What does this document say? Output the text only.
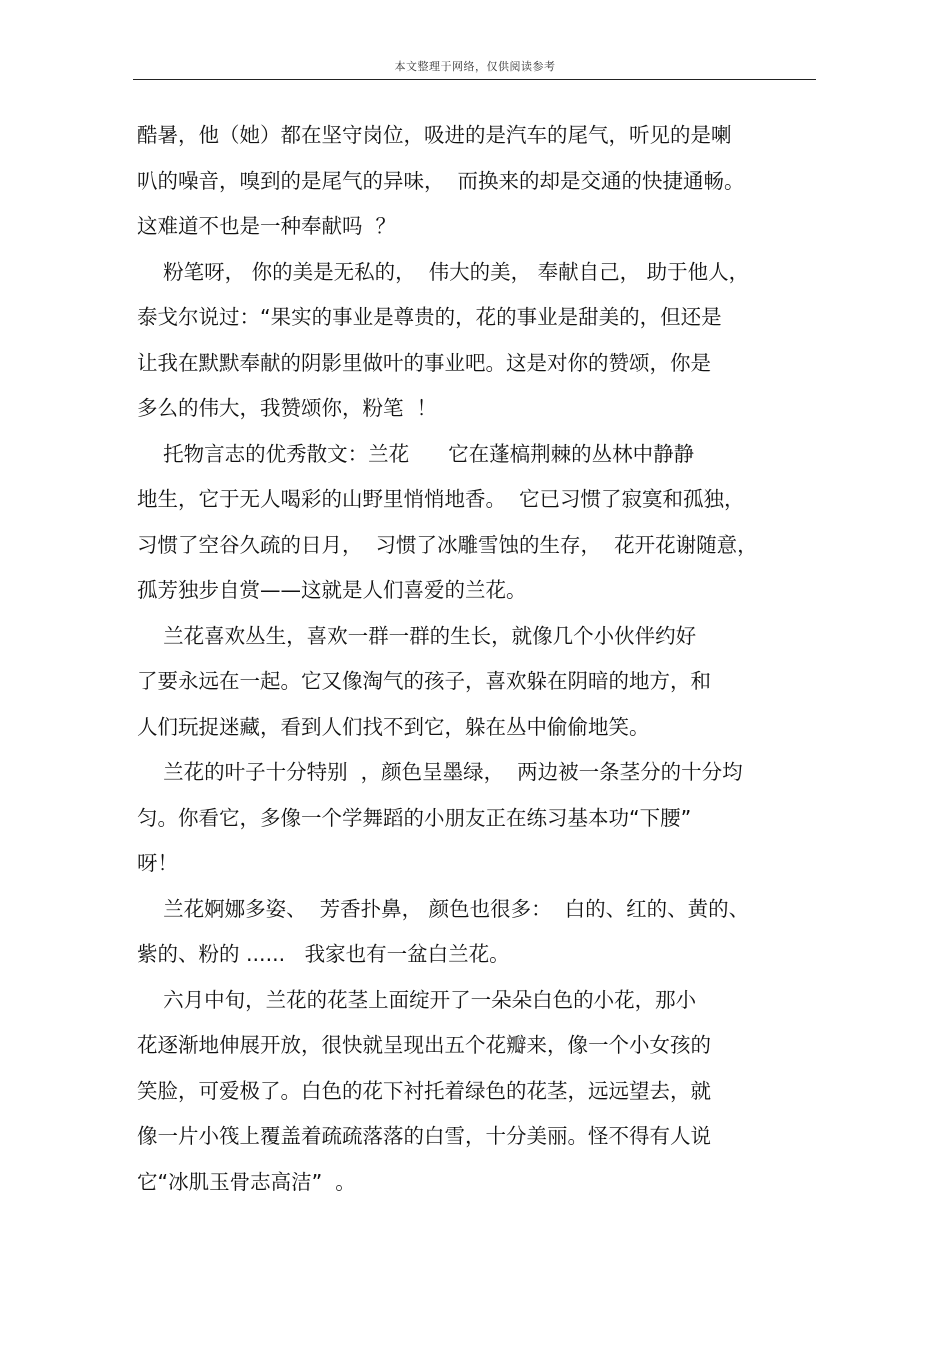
本文整理于网络，仅供阅读参考

酷暑，他（她）都在坚守岗位，吸进的是汽车的尾气，听见的是喇

叭的噪音，嗅到的是尾气的异味，  而换来的却是交通的快捷通畅。

这难道不也是一种奉献吗  ？

粉笔呀， 你的美是无私的，  伟大的美， 奉献自己， 助于他人，

泰戈尔说过：“果实的事业是尊贵的，花的事业是甜美的，但还是

让我在默默奉献的阴影里做叶的事业吧。这是对你的赞颂，你是

多么的伟大，我赞颂你，粉笔  ！

托物言志的优秀散文：兰花      它在蓬槁荆棘的丛林中静静

地生，它于无人喝彩的山野里悄悄地香。  它已习惯了寂寞和孤独，

习惯了空谷久疏的日月，  习惯了冰雕雪蚀的生存，  花开花谢随意，

孤芳独步自赏——这就是人们喜爱的兰花。

兰花喜欢丛生，喜欢一群一群的生长，就像几个小伙伴约好

了要永远在一起。它又像淘气的孩子，喜欢躲在阴暗的地方，和

人们玩捉迷藏，看到人们找不到它，躲在丛中偷偷地笑。

兰花的叶子十分特别  ，颜色呈墨绿，  两边被一条茎分的十分均

匀。你看它，多像一个学舞蹈的小朋友正在练习基本功“下腰”

呀！

兰花婀娜多姿、  芳香扑鼻， 颜色也很多：  白的、红的、黄的、

紫的、粉的 ......   我家也有一盆白兰花。

六月中旬，兰花的花茎上面绽开了一朵朵白色的小花，那小

花逐渐地伸展开放，很快就呈现出五个花瓣来，像一个小女孩的

笑脸，可爱极了。白色的花下衬托着绿色的花茎，远远望去，就

像一片小筏上覆盖着疏疏落落的白雪，十分美丽。怪不得有人说

它“冰肌玉骨志高洁”  。
